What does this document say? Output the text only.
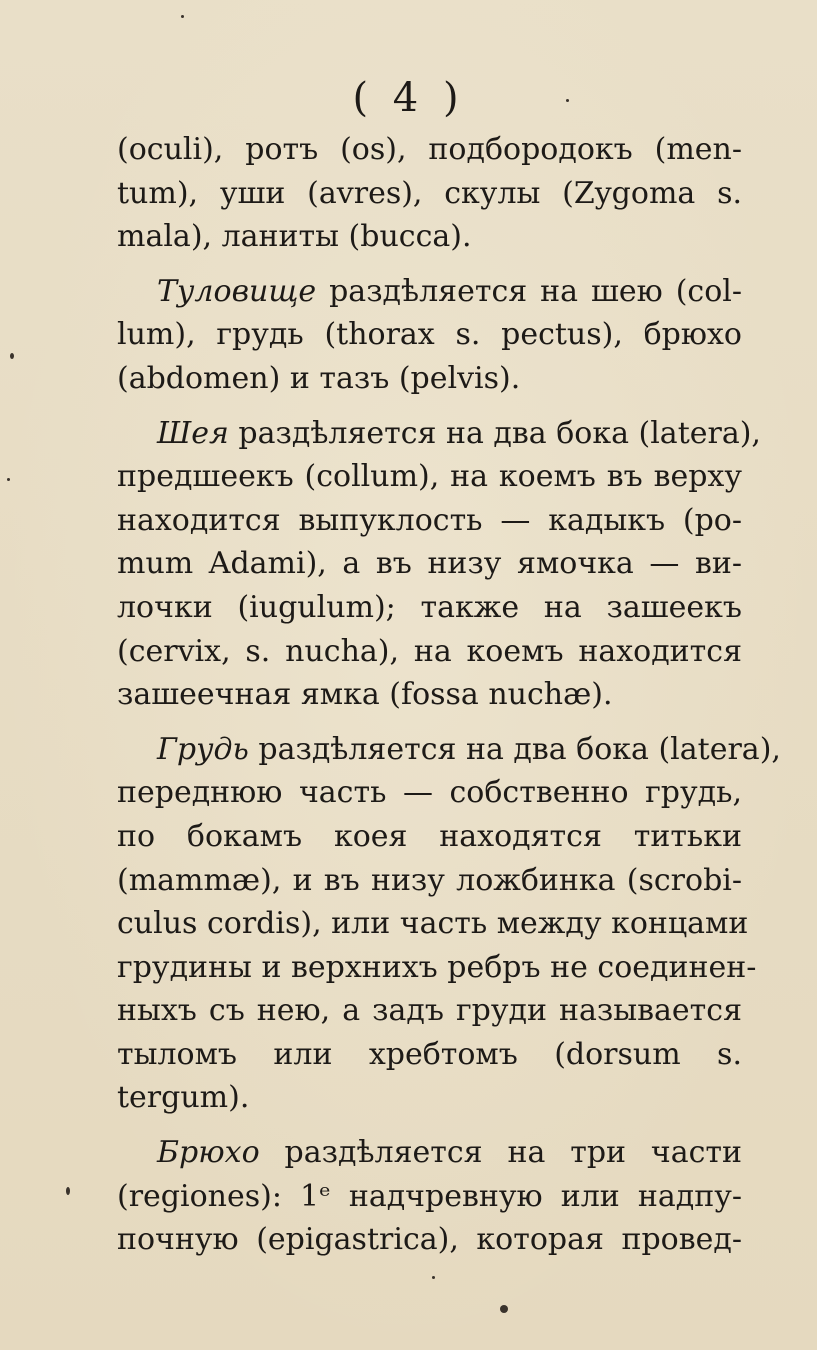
( 4 )
(oculi), ротъ (os), подбородокъ (men-
tum), уши (avres), скулы (Zygoma s.
mala), ланиты (bucca).
Туловище раздѣляется на шею (col-
lum), грудь (thorax s. pectus), брюхо
(abdomen) и тазъ (pelvis).
Шея раздѣляется на два бока (latera),
предшеекъ (collum), на коемъ въ верху
находится выпуклость — кадыкъ (po-
mum Adami), а въ низу ямочка — ви-
лочки (iugulum); также на зашеекъ
(cervix, s. nucha), на коемъ находится
зашеечная ямка (fossa nuchæ).
Грудь раздѣляется на два бока (latera),
переднюю часть — собственно грудь,
по бокамъ коея находятся титьки
(mammæ), и въ низу ложбинка (scrobi-
culus cordis), или часть между концами
грудины и верхнихъ ребръ не соединен-
ныхъ съ нею, а задъ груди называется
тыломъ или хребтомъ (dorsum s.
tergum).
Брюхо раздѣляется на три части
(regiones): 1ᵉ надчревную или надпу-
почную (epigastrica), которая провед-
